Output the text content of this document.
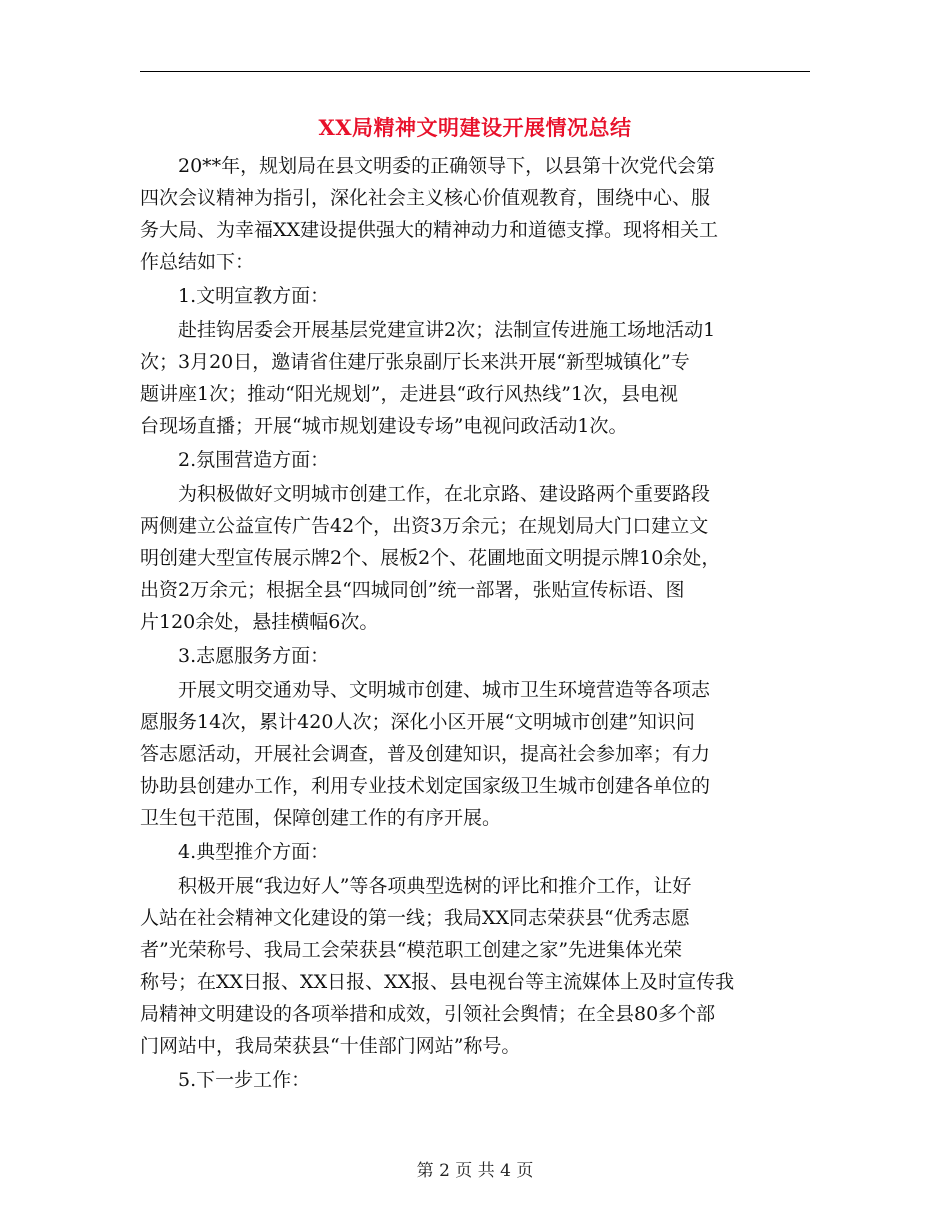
XX局精神文明建设开展情况总结
20**年，规划局在县文明委的正确领导下，以县第十次党代会第
四次会议精神为指引，深化社会主义核心价值观教育，围绕中心、服
务大局、为幸福XX建设提供强大的精神动力和道德支撑。现将相关工
作总结如下：
1.文明宣教方面：
赴挂钩居委会开展基层党建宣讲2次；法制宣传进施工场地活动1
次；3月20日，邀请省住建厅张泉副厅长来洪开展“新型城镇化”专
题讲座1次；推动“阳光规划”，走进县“政行风热线”1次，县电视
台现场直播；开展“城市规划建设专场”电视问政活动1次。
2.氛围营造方面：
为积极做好文明城市创建工作，在北京路、建设路两个重要路段
两侧建立公益宣传广告42个，出资3万余元；在规划局大门口建立文
明创建大型宣传展示牌2个、展板2个、花圃地面文明提示牌10余处，
出资2万余元；根据全县“四城同创”统一部署，张贴宣传标语、图
片120余处，悬挂横幅6次。
3.志愿服务方面：
开展文明交通劝导、文明城市创建、城市卫生环境营造等各项志
愿服务14次，累计420人次；深化小区开展“文明城市创建”知识问
答志愿活动，开展社会调查，普及创建知识，提高社会参加率；有力
协助县创建办工作，利用专业技术划定国家级卫生城市创建各单位的
卫生包干范围，保障创建工作的有序开展。
4.典型推介方面：
积极开展“我边好人”等各项典型选树的评比和推介工作，让好
人站在社会精神文化建设的第一线；我局XX同志荣获县“优秀志愿
者”光荣称号、我局工会荣获县“模范职工创建之家”先进集体光荣
称号；在XX日报、XX日报、XX报、县电视台等主流媒体上及时宣传我
局精神文明建设的各项举措和成效，引领社会舆情；在全县80多个部
门网站中，我局荣获县“十佳部门网站”称号。
5.下一步工作：
第 2 页 共 4 页
